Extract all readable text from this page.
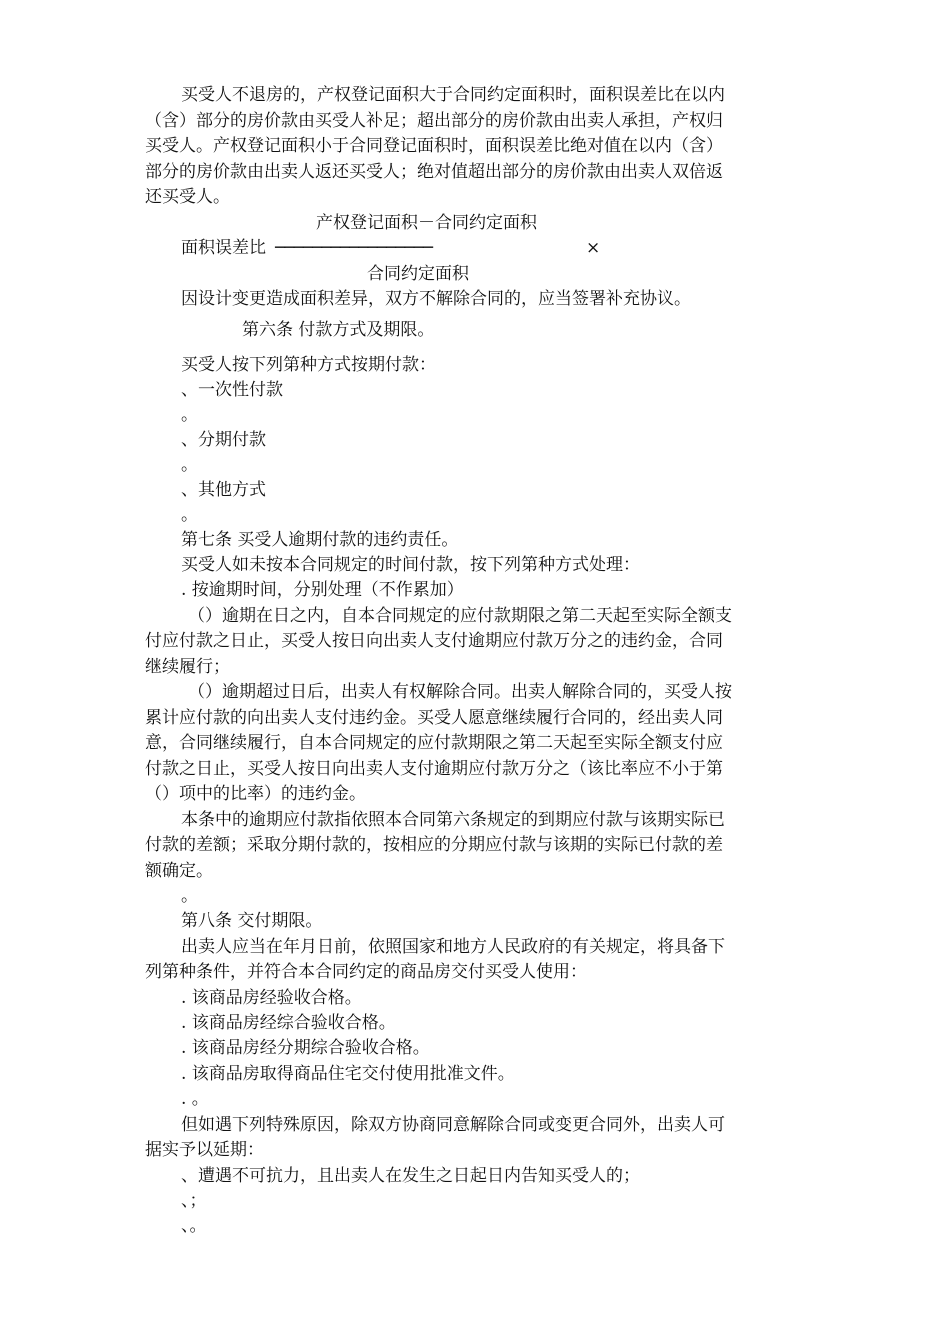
买受人不退房的，产权登记面积大于合同约定面积时，面积误差比在以内
（含）部分的房价款由买受人补足；超出部分的房价款由出卖人承担，产权归
买受人。产权登记面积小于合同登记面积时，面积误差比绝对值在以内（含）
部分的房价款由出卖人返还买受人；绝对值超出部分的房价款由出卖人双倍返
还买受人。
产权登记面积－合同约定面积
面积误差比 ─────────────────	×
合同约定面积
因设计变更造成面积差异，双方不解除合同的，应当签署补充协议。
第六条 付款方式及期限。
买受人按下列第种方式按期付款：
、一次性付款
。
、分期付款
。
、其他方式
。
第七条 买受人逾期付款的违约责任。
买受人如未按本合同规定的时间付款，按下列第种方式处理：
. 按逾期时间，分别处理（不作累加）
（）逾期在日之内，自本合同规定的应付款期限之第二天起至实际全额支
付应付款之日止，买受人按日向出卖人支付逾期应付款万分之的违约金，合同
继续履行；
（）逾期超过日后，出卖人有权解除合同。出卖人解除合同的，买受人按
累计应付款的向出卖人支付违约金。买受人愿意继续履行合同的，经出卖人同
意，合同继续履行，自本合同规定的应付款期限之第二天起至实际全额支付应
付款之日止，买受人按日向出卖人支付逾期应付款万分之（该比率应不小于第
（）项中的比率）的违约金。
本条中的逾期应付款指依照本合同第六条规定的到期应付款与该期实际已
付款的差额；采取分期付款的，按相应的分期应付款与该期的实际已付款的差
额确定。
。
第八条 交付期限。
出卖人应当在年月日前，依照国家和地方人民政府的有关规定，将具备下
列第种条件，并符合本合同约定的商品房交付买受人使用：
. 该商品房经验收合格。
. 该商品房经综合验收合格。
. 该商品房经分期综合验收合格。
. 该商品房取得商品住宅交付使用批准文件。
. 。
但如遇下列特殊原因，除双方协商同意解除合同或变更合同外，出卖人可
据实予以延期：
、遭遇不可抗力，且出卖人在发生之日起日内告知买受人的；
、；
、。
